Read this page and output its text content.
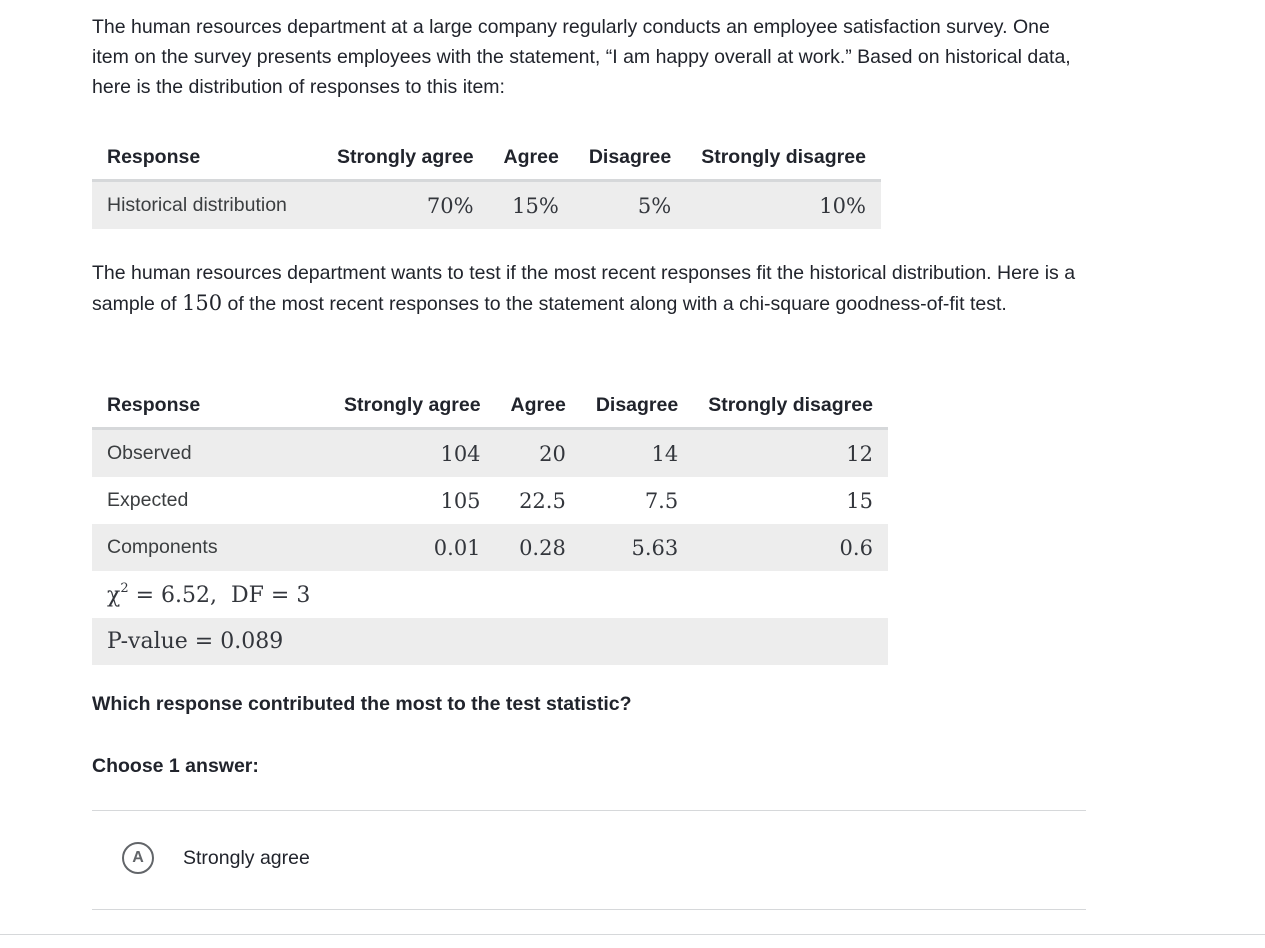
The human resources department at a large company regularly conducts an employee satisfaction survey. One item on the survey presents employees with the statement, “I am happy overall at work.” Based on historical data, here is the distribution of responses to this item:

Response	Strongly agree	Agree	Disagree	Strongly disagree
Historical distribution	70%	15%	5%	10%

The human resources department wants to test if the most recent responses fit the historical distribution. Here is a sample of 150 of the most recent responses to the statement along with a chi-square goodness-of-fit test.

Response	Strongly agree	Agree	Disagree	Strongly disagree
Observed	104	20	14	12
Expected	105	22.5	7.5	15
Components	0.01	0.28	5.63	0.6
$\chi^2 = 6.52$,  DF = 3				
P-value = 0.089				

Which response contributed the most to the test statistic?

Choose 1 answer:

A	Strongly agree
